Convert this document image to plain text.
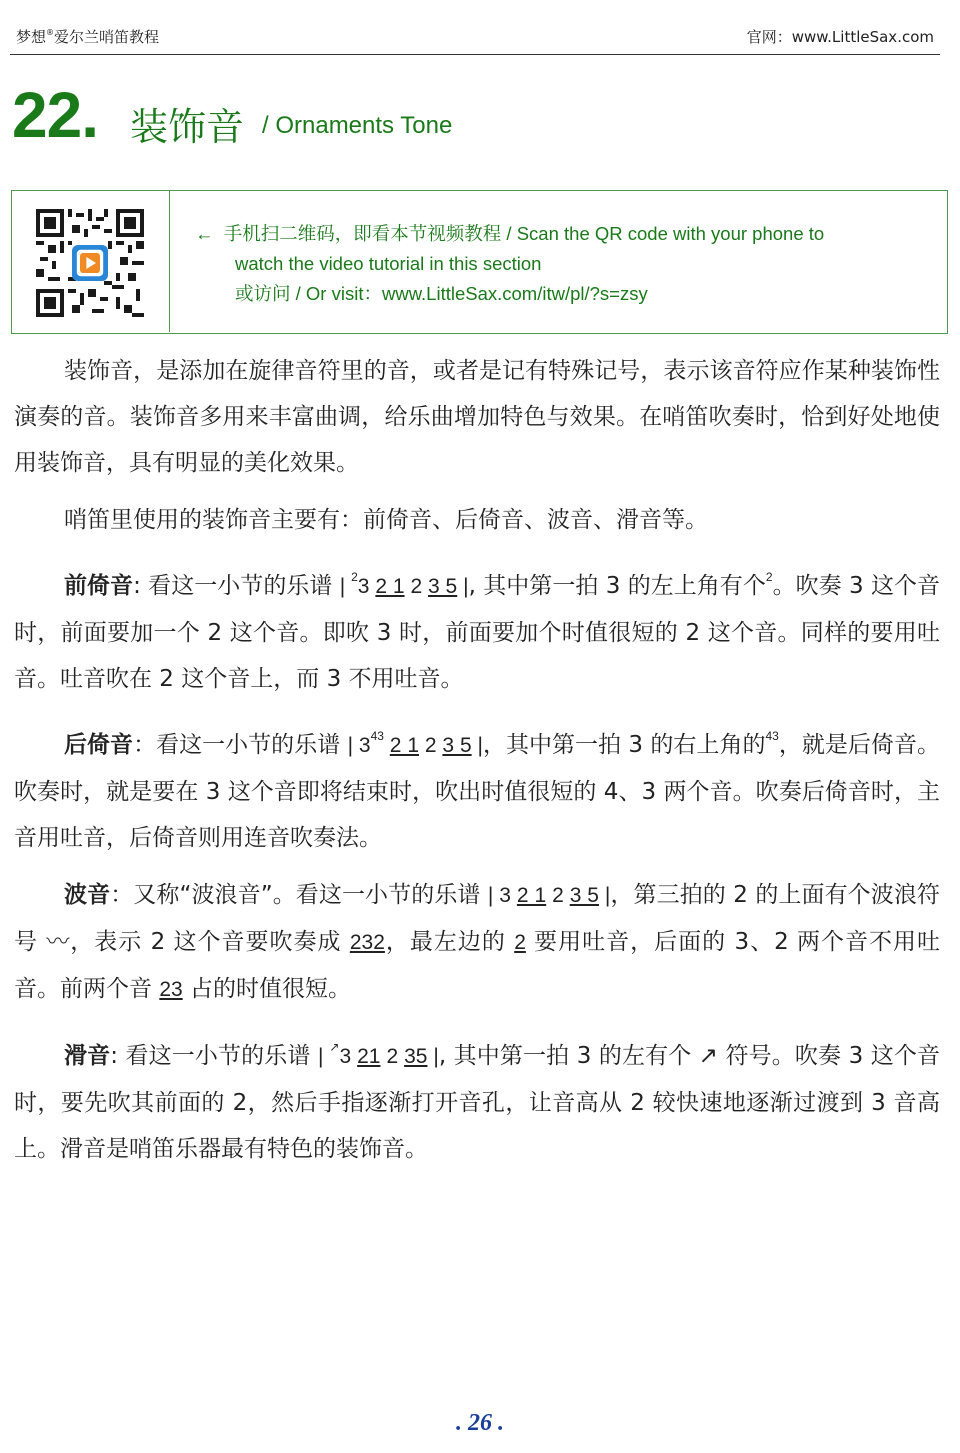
梦想®爱尔兰哨笛教程	官网：www.LittleSax.com
22. 装饰音 / Ornaments Tone
← 手机扫二维码，即看本节视频教程 / Scan the QR code with your phone to
watch the video tutorial in this section
或访问 / Or visit：www.LittleSax.com/itw/pl/?s=zsy

装饰音，是添加在旋律音符里的音，或者是记有特殊记号，表示该音符应作某种装饰性演奏的音。装饰音多用来丰富曲调，给乐曲增加特色与效果。在哨笛吹奏时，恰到好处地使用装饰音，具有明显的美化效果。

哨笛里使用的装饰音主要有：前倚音、后倚音、波音、滑音等。

前倚音: 看这一小节的乐谱 | $^2$3 2 1 2 3 5 |, 其中第一拍 3 的左上角有个$^2$。吹奏 3 这个音时，前面要加一个 2 这个音。即吹 3 时，前面要加个时值很短的 2 这个音。同样的要用吐音。吐音吹在 2 这个音上，而 3 不用吐音。

后倚音：看这一小节的乐谱 | $3^{43}$ 2 1 2 3 5 |，其中第一拍 3 的右上角的$^{43}$，就是后倚音。吹奏时，就是要在 3 这个音即将结束时，吹出时值很短的 4、3 两个音。吹奏后倚音时，主音用吐音，后倚音则用连音吹奏法。

波音：又称“波浪音”。看这一小节的乐谱 | 3 2 1 2 3 5 |，第三拍的 2 的上面有个波浪符号 〰，表示 2 这个音要吹奏成 232，最左边的 2 要用吐音，后面的 3、2 两个音不用吐音。前两个音 23 占的时值很短。

滑音: 看这一小节的乐谱 | ↗3 21 2 35 |, 其中第一拍 3 的左有个 ↗ 符号。吹奏 3 这个音时，要先吹其前面的 2，然后手指逐渐打开音孔，让音高从 2 较快速地逐渐过渡到 3 音高上。滑音是哨笛乐器最有特色的装饰音。

. 26 .
